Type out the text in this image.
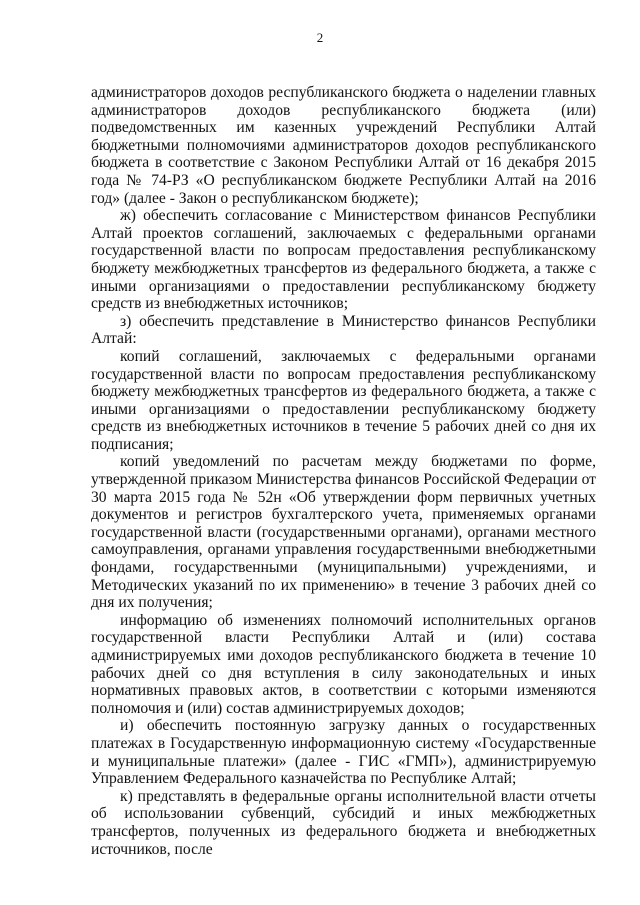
2

администраторов доходов республиканского бюджета о наделении главных администраторов доходов республиканского бюджета (или) подведомственных им казенных учреждений Республики Алтай бюджетными полномочиями администраторов доходов республиканского бюджета в соответствие с Законом Республики Алтай от 16 декабря 2015 года № 74-РЗ «О республиканском бюджете Республики Алтай на 2016 год» (далее - Закон о республиканском бюджете);

ж) обеспечить согласование с Министерством финансов Республики Алтай проектов соглашений, заключаемых с федеральными органами государственной власти по вопросам предоставления республиканскому бюджету межбюджетных трансфертов из федерального бюджета, а также с иными организациями о предоставлении республиканскому бюджету средств из внебюджетных источников;

з) обеспечить представление в Министерство финансов Республики Алтай:

копий соглашений, заключаемых с федеральными органами государственной власти по вопросам предоставления республиканскому бюджету межбюджетных трансфертов из федерального бюджета, а также с иными организациями о предоставлении республиканскому бюджету средств из внебюджетных источников в течение 5 рабочих дней со дня их подписания;

копий уведомлений по расчетам между бюджетами по форме, утвержденной приказом Министерства финансов Российской Федерации от 30 марта 2015 года № 52н «Об утверждении форм первичных учетных документов и регистров бухгалтерского учета, применяемых органами государственной власти (государственными органами), органами местного самоуправления, органами управления государственными внебюджетными фондами, государственными (муниципальными) учреждениями, и Методических указаний по их применению» в течение 3 рабочих дней со дня их получения;

информацию об изменениях полномочий исполнительных органов государственной власти Республики Алтай и (или) состава администрируемых ими доходов республиканского бюджета в течение 10 рабочих дней со дня вступления в силу законодательных и иных нормативных правовых актов, в соответствии с которыми изменяются полномочия и (или) состав администрируемых доходов;

и) обеспечить постоянную загрузку данных о государственных платежах в Государственную информационную систему «Государственные и муниципальные платежи» (далее - ГИС «ГМП»), администрируемую Управлением Федерального казначейства по Республике Алтай;

к) представлять в федеральные органы исполнительной власти отчеты об использовании субвенций, субсидий и иных межбюджетных трансфертов, полученных из федерального бюджета и внебюджетных источников, после
